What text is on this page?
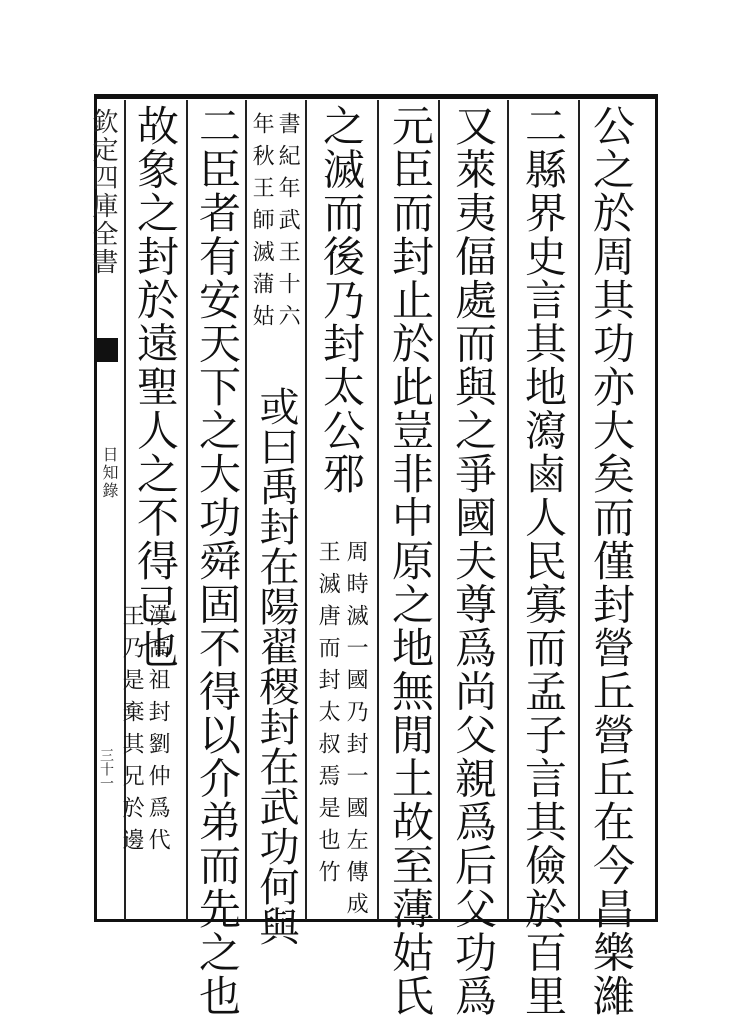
欽定四庫全書
日知錄
三十一	公之於周其功亦大矣而僅封營丘營丘在今昌樂濰
二縣界史言其地瀉鹵人民寡而孟子言其儉於百里
又萊夷偪處而與之爭國夫尊爲尚父親爲后父功爲
元臣而封止於此豈非中原之地無閒土故至薄姑氏
之滅而後乃封太公邪
周時滅一國乃封一國左傳成
王滅唐而封太叔焉是也竹
書紀年武王十六
年秋王師滅蒲姑
或曰禹封在陽翟稷封在武功何與
二臣者有安天下之大功舜固不得以介弟而先之也
故象之封於遠聖人之不得已也
漢高祖封劉仲爲代
王乃是棄其兄於邊
